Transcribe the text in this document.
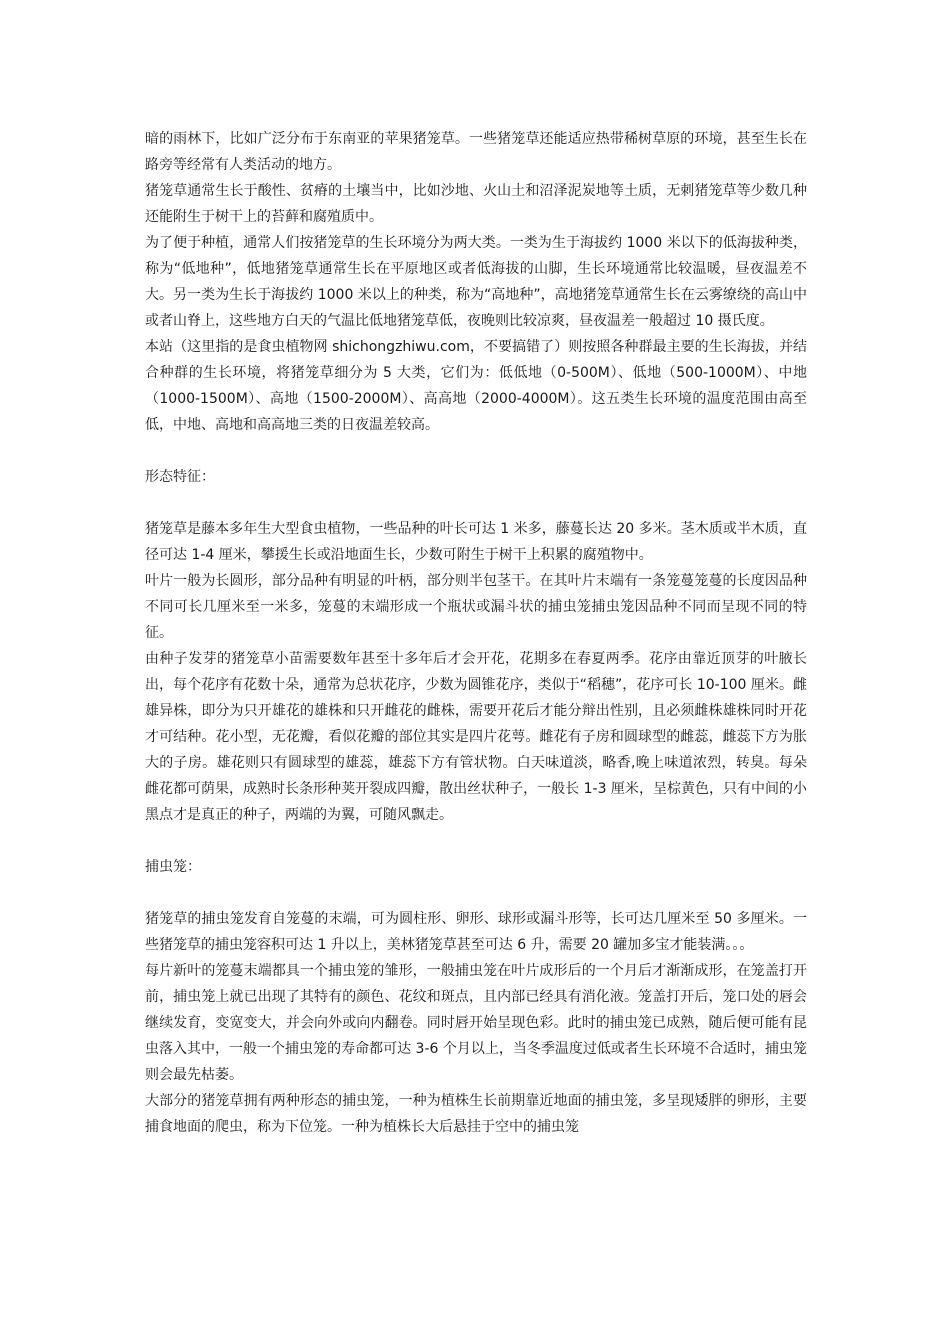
暗的雨林下，比如广泛分布于东南亚的苹果猪笼草。一些猪笼草还能适应热带稀树草原的环境，甚至生长在路旁等经常有人类活动的地方。

猪笼草通常生长于酸性、贫瘠的土壤当中，比如沙地、火山土和沼泽泥炭地等土质，无刺猪笼草等少数几种还能附生于树干上的苔藓和腐殖质中。

为了便于种植，通常人们按猪笼草的生长环境分为两大类。一类为生于海拔约 1000 米以下的低海拔种类，称为“低地种”，低地猪笼草通常生长在平原地区或者低海拔的山脚，生长环境通常比较温暖，昼夜温差不大。另一类为生长于海拔约 1000 米以上的种类，称为“高地种”，高地猪笼草通常生长在云雾缭绕的高山中或者山脊上，这些地方白天的气温比低地猪笼草低，夜晚则比较凉爽，昼夜温差一般超过 10 摄氏度。

本站（这里指的是食虫植物网 shichongzhiwu.com，不要搞错了）则按照各种群最主要的生长海拔，并结合种群的生长环境，将猪笼草细分为 5 大类，它们为：低低地（0-500M）、低地（500-1000M）、中地（1000-1500M）、高地（1500-2000M）、高高地（2000-4000M）。这五类生长环境的温度范围由高至低，中地、高地和高高地三类的日夜温差较高。

形态特征：

猪笼草是藤本多年生大型食虫植物，一些品种的叶长可达 1 米多，藤蔓长达 20 多米。茎木质或半木质，直径可达 1-4 厘米，攀援生长或沿地面生长，少数可附生于树干上积累的腐殖物中。

叶片一般为长圆形，部分品种有明显的叶柄，部分则半包茎干。在其叶片末端有一条笼蔓笼蔓的长度因品种不同可长几厘米至一米多，笼蔓的末端形成一个瓶状或漏斗状的捕虫笼捕虫笼因品种不同而呈现不同的特征。

由种子发芽的猪笼草小苗需要数年甚至十多年后才会开花，花期多在春夏两季。花序由靠近顶芽的叶腋长出，每个花序有花数十朵，通常为总状花序，少数为圆锥花序，类似于“稻穗”，花序可长 10-100 厘米。雌雄异株，即分为只开雄花的雄株和只开雌花的雌株，需要开花后才能分辩出性别，且必须雌株雄株同时开花才可结种。花小型，无花瓣，看似花瓣的部位其实是四片花萼。雌花有子房和圆球型的雌蕊，雌蕊下方为胀大的子房。雄花则只有圆球型的雄蕊，雄蕊下方有管状物。白天味道淡，略香,晚上味道浓烈，转臭。每朵雌花都可荫果，成熟时长条形种荚开裂成四瓣，散出丝状种子，一般长 1-3 厘米，呈棕黄色，只有中间的小黑点才是真正的种子，两端的为翼，可随风飘走。

捕虫笼：

猪笼草的捕虫笼发育自笼蔓的末端，可为圆柱形、卵形、球形或漏斗形等，长可达几厘米至 50 多厘米。一些猪笼草的捕虫笼容积可达 1 升以上，美林猪笼草甚至可达 6 升，需要 20 罐加多宝才能装满。。。

每片新叶的笼蔓末端都具一个捕虫笼的雏形，一般捕虫笼在叶片成形后的一个月后才渐渐成形，在笼盖打开前，捕虫笼上就已出现了其特有的颜色、花纹和斑点，且内部已经具有消化液。笼盖打开后，笼口处的唇会继续发育，变宽变大，并会向外或向内翻卷。同时唇开始呈现色彩。此时的捕虫笼已成熟，随后便可能有昆虫落入其中，一般一个捕虫笼的寿命都可达 3-6 个月以上，当冬季温度过低或者生长环境不合适时，捕虫笼则会最先枯萎。

大部分的猪笼草拥有两种形态的捕虫笼，一种为植株生长前期靠近地面的捕虫笼，多呈现矮胖的卵形，主要捕食地面的爬虫，称为下位笼。一种为植株长大后悬挂于空中的捕虫笼
